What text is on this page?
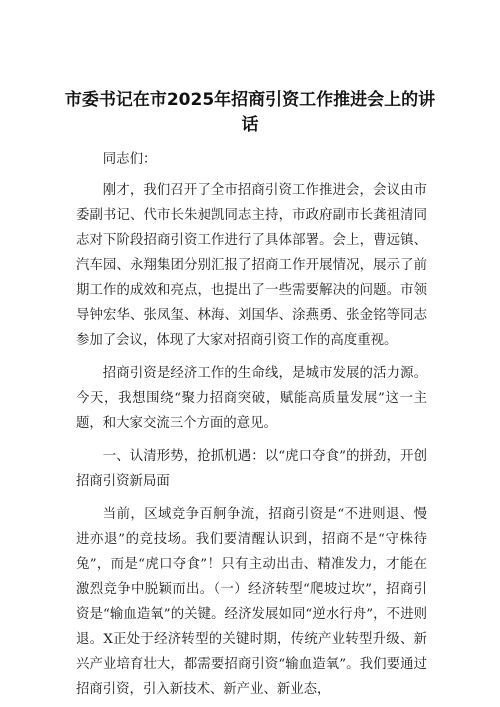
市委书记在市2025年招商引资工作推进会上的讲话

同志们：

刚才，我们召开了全市招商引资工作推进会，会议由市委副书记、代市长朱昶凯同志主持，市政府副市长龚祖清同志对下阶段招商引资工作进行了具体部署。会上，曹远镇、汽车园、永翔集团分别汇报了招商工作开展情况，展示了前期工作的成效和亮点，也提出了一些需要解决的问题。市领导钟宏华、张凤玺、林海、刘国华、涂燕勇、张金铭等同志参加了会议，体现了大家对招商引资工作的高度重视。

招商引资是经济工作的生命线，是城市发展的活力源。今天，我想围绕“聚力招商突破，赋能高质量发展”这一主题，和大家交流三个方面的意见。

一、认清形势，抢抓机遇：以“虎口夺食”的拼劲，开创招商引资新局面

当前，区域竞争百舸争流，招商引资是“不进则退、慢进亦退”的竞技场。我们要清醒认识到，招商不是“守株待兔”，而是“虎口夺食”！只有主动出击、精准发力，才能在激烈竞争中脱颖而出。（一）经济转型“爬坡过坎”，招商引资是“输血造氧”的关键。经济发展如同“逆水行舟”，不进则退。X正处于经济转型的关键时期，传统产业转型升级、新兴产业培育壮大，都需要招商引资“输血造氧”。我们要通过招商引资，引入新技术、新产业、新业态，
